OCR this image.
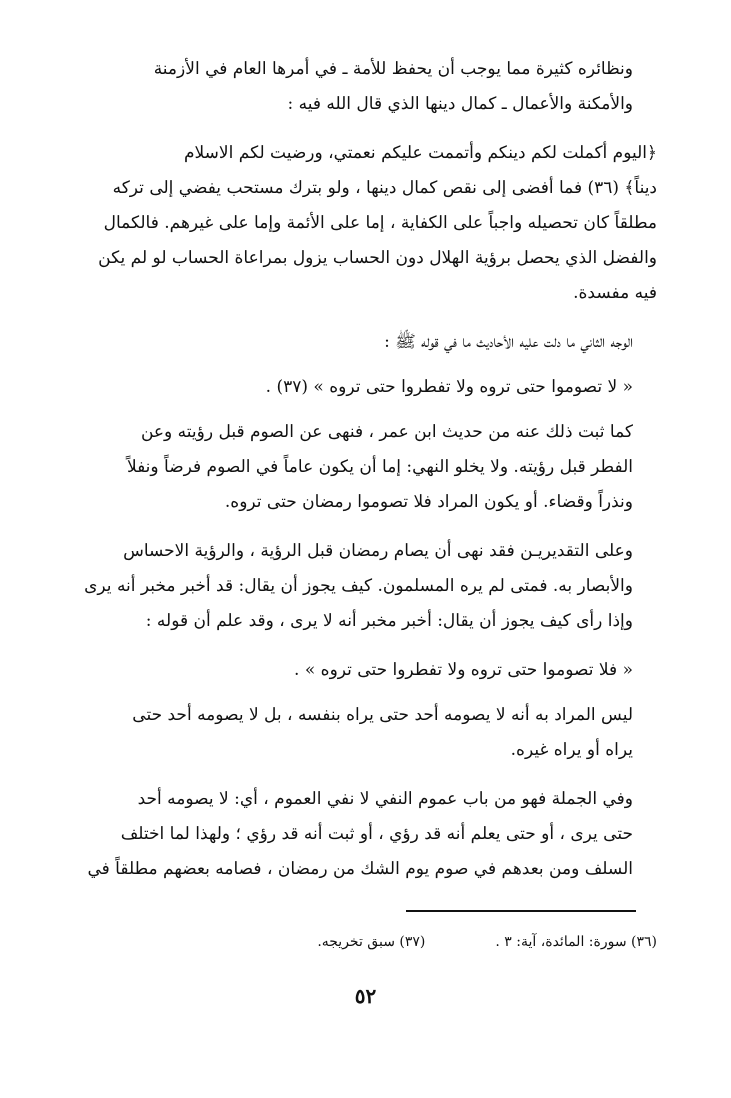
ونظائره كثيرة مما يوجب أن يحفظ للأمة ـ في أمرها العام في الأزمنة
والأمكنة والأعمال ـ كمال دينها الذي قال الله فيه :
﴿اليوم أكملت لكم دينكم وأتممت عليكم نعمتي، ورضيت لكم الاسلام
ديناً﴾ (٣٦) فما أفضى إلى نقص كمال دينها ، ولو بترك مستحب يفضي إلى تركه
مطلقاً كان تحصيله واجباً على الكفاية ، إما على الأئمة وإما على غيرهم. فالكمال
والفضل الذي يحصل برؤية الهلال دون الحساب يزول بمراعاة الحساب لو لم يكن
فيه مفسدة.
الوجه الثاني ما دلت عليه الأحاديث ما في قوله ﷺ :
« لا تصوموا حتى تروه ولا تفطروا حتى تروه » (٣٧) .
كما ثبت ذلك عنه من حديث ابن عمر ، فنهى عن الصوم قبل رؤيته وعن
الفطر قبل رؤيته. ولا يخلو النهي: إما أن يكون عاماً في الصوم فرضاً ونفلاً
ونذراً وقضاء. أو يكون المراد فلا تصوموا رمضان حتى تروه.
وعلى التقديريـن فقد نهى أن يصام رمضان قبل الرؤية ، والرؤية الاحساس
والأبصار به. فمتى لم يره المسلمون. كيف يجوز أن يقال: قد أخبر مخبر أنه يرى
وإذا رأى كيف يجوز أن يقال: أخبر مخبر أنه لا يرى ، وقد علم أن قوله :
« فلا تصوموا حتى تروه ولا تفطروا حتى تروه » .
ليس المراد به أنه لا يصومه أحد حتى يراه بنفسه ، بل لا يصومه أحد حتى
يراه أو يراه غيره.
وفي الجملة فهو من باب عموم النفي لا نفي العموم ، أي: لا يصومه أحد
حتى يرى ، أو حتى يعلم أنه قد رؤي ، أو ثبت أنه قد رؤي ؛ ولهذا لما اختلف
السلف ومن بعدهم في صوم يوم الشك من رمضان ، فصامه بعضهم مطلقاً في
(٣٦) سورة: المائدة، آية: ٣ .
(٣٧) سبق تخريجه.
٥٢
